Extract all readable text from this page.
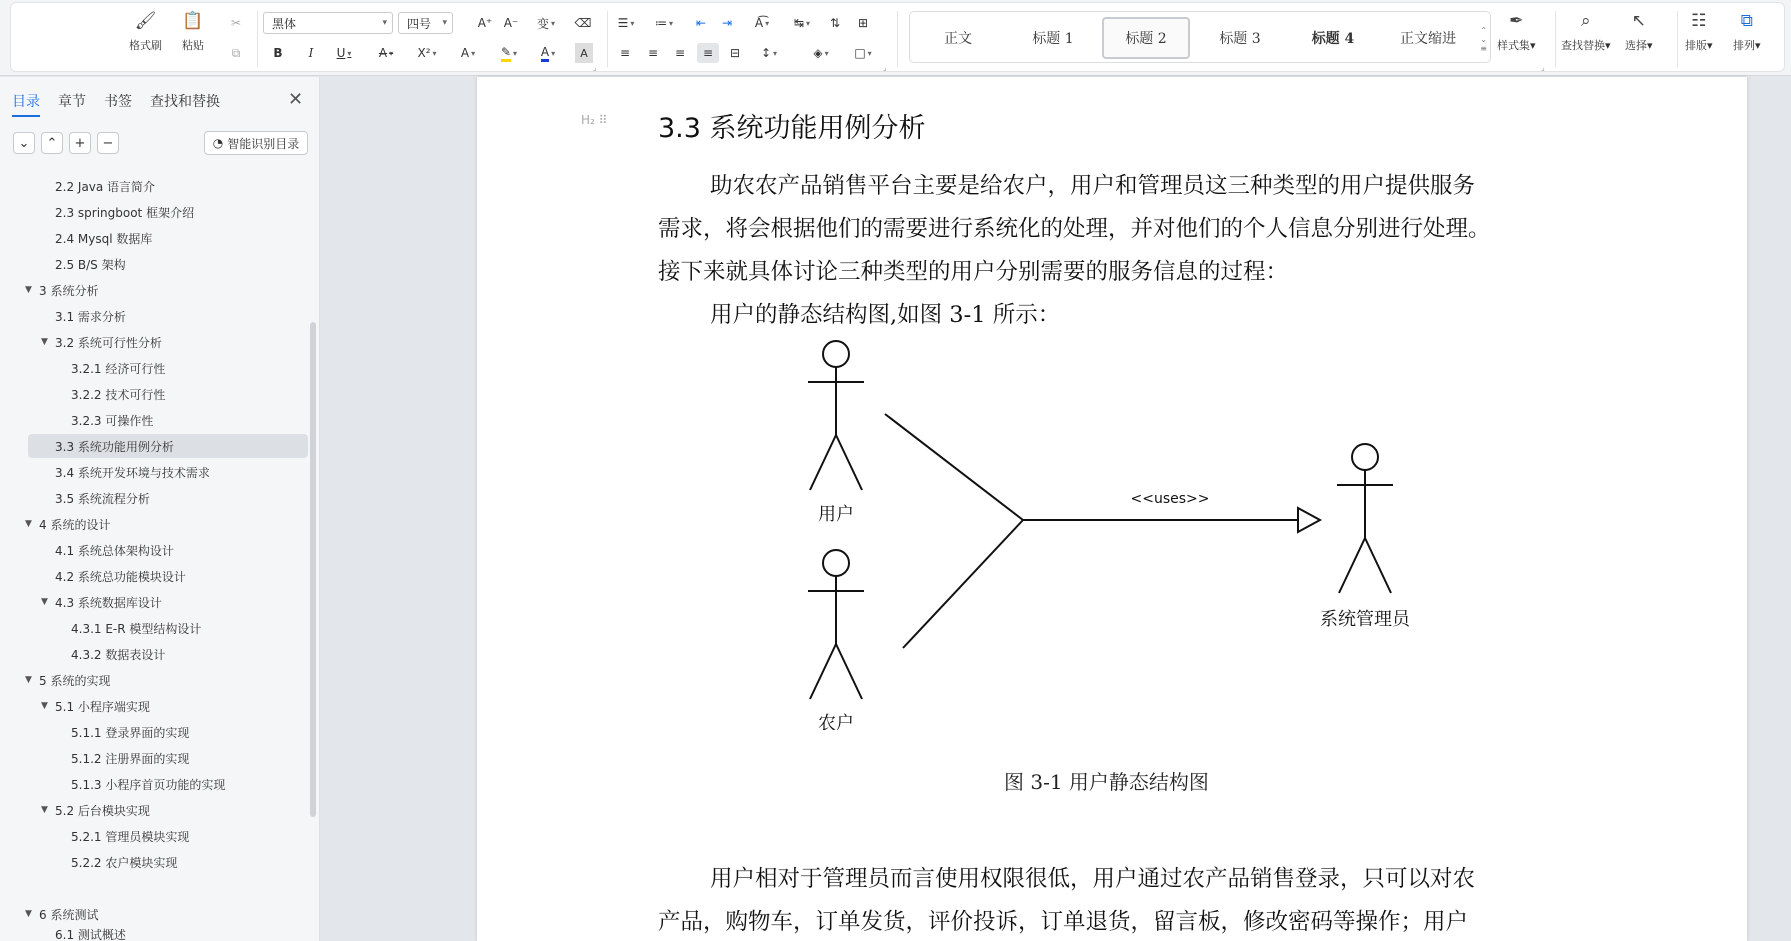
🖌
格式刷
📋
粘贴
✂
⧉
黑体	▾ 四号 ▾	A⁺ A⁻	变 ▾ ⌫
B	I	U ▾	A ▾	X² ▾	A ▾ ✎ ▾ A ▾	A
⌟
☰ ▾	≔ ▾	⇤	⇥	A͡ ▾	↹ ▾	⇅	⊞
≡	≡	≡	≡	⊟	↕ ▾	◈ ▾	□ ▾
⌟
正文	标题 1	标题 2	标题 3	标题 4	正文缩进
⌃
⌄
≡
✒
样式集▾
⌟
⌕
查找替换▾
↖
选择▾
☷
排版▾
⧉
排列▾
目录 章节 书签 查找和替换	✕
⌄	⌃	+	−	◔ 智能识别目录
2.2 Java 语言简介
2.3 springboot 框架介绍
2.4 Mysql 数据库
2.5 B/S 架构
▼ 3 系统分析
3.1 需求分析
▼ 3.2 系统可行性分析
3.2.1 经济可行性
3.2.2 技术可行性
3.2.3 可操作性
3.3 系统功能用例分析
3.4 系统开发环境与技术需求
3.5 系统流程分析
▼ 4 系统的设计
4.1 系统总体架构设计
4.2 系统总功能模块设计
▼ 4.3 系统数据库设计
4.3.1 E-R 模型结构设计
4.3.2 数据表设计
▼ 5 系统的实现
▼ 5.1 小程序端实现
5.1.1 登录界面的实现
5.1.2 注册界面的实现
5.1.3 小程序首页功能的实现
▼ 5.2 后台模块实现
5.2.1 管理员模块实现
5.2.2 农户模块实现
▼ 6 系统测试
6.1 测试概述
H₂ ⠿ 3.3 系统功能用例分析
助农农产品销售平台主要是给农户，用户和管理员这三种类型的用户提供服务
需求，将会根据他们的需要进行系统化的处理，并对他们的个人信息分别进行处理。
接下来就具体讨论三种类型的用户分别需要的服务信息的过程：
用户的静态结构图,如图 3-1 所示：
用户
农户
<<uses>>
系统管理员
图 3-1 用户静态结构图
用户相对于管理员而言使用权限很低，用户通过农产品销售登录，只可以对农
产品，购物车，订单发货，评价投诉，订单退货，留言板，修改密码等操作；用户
